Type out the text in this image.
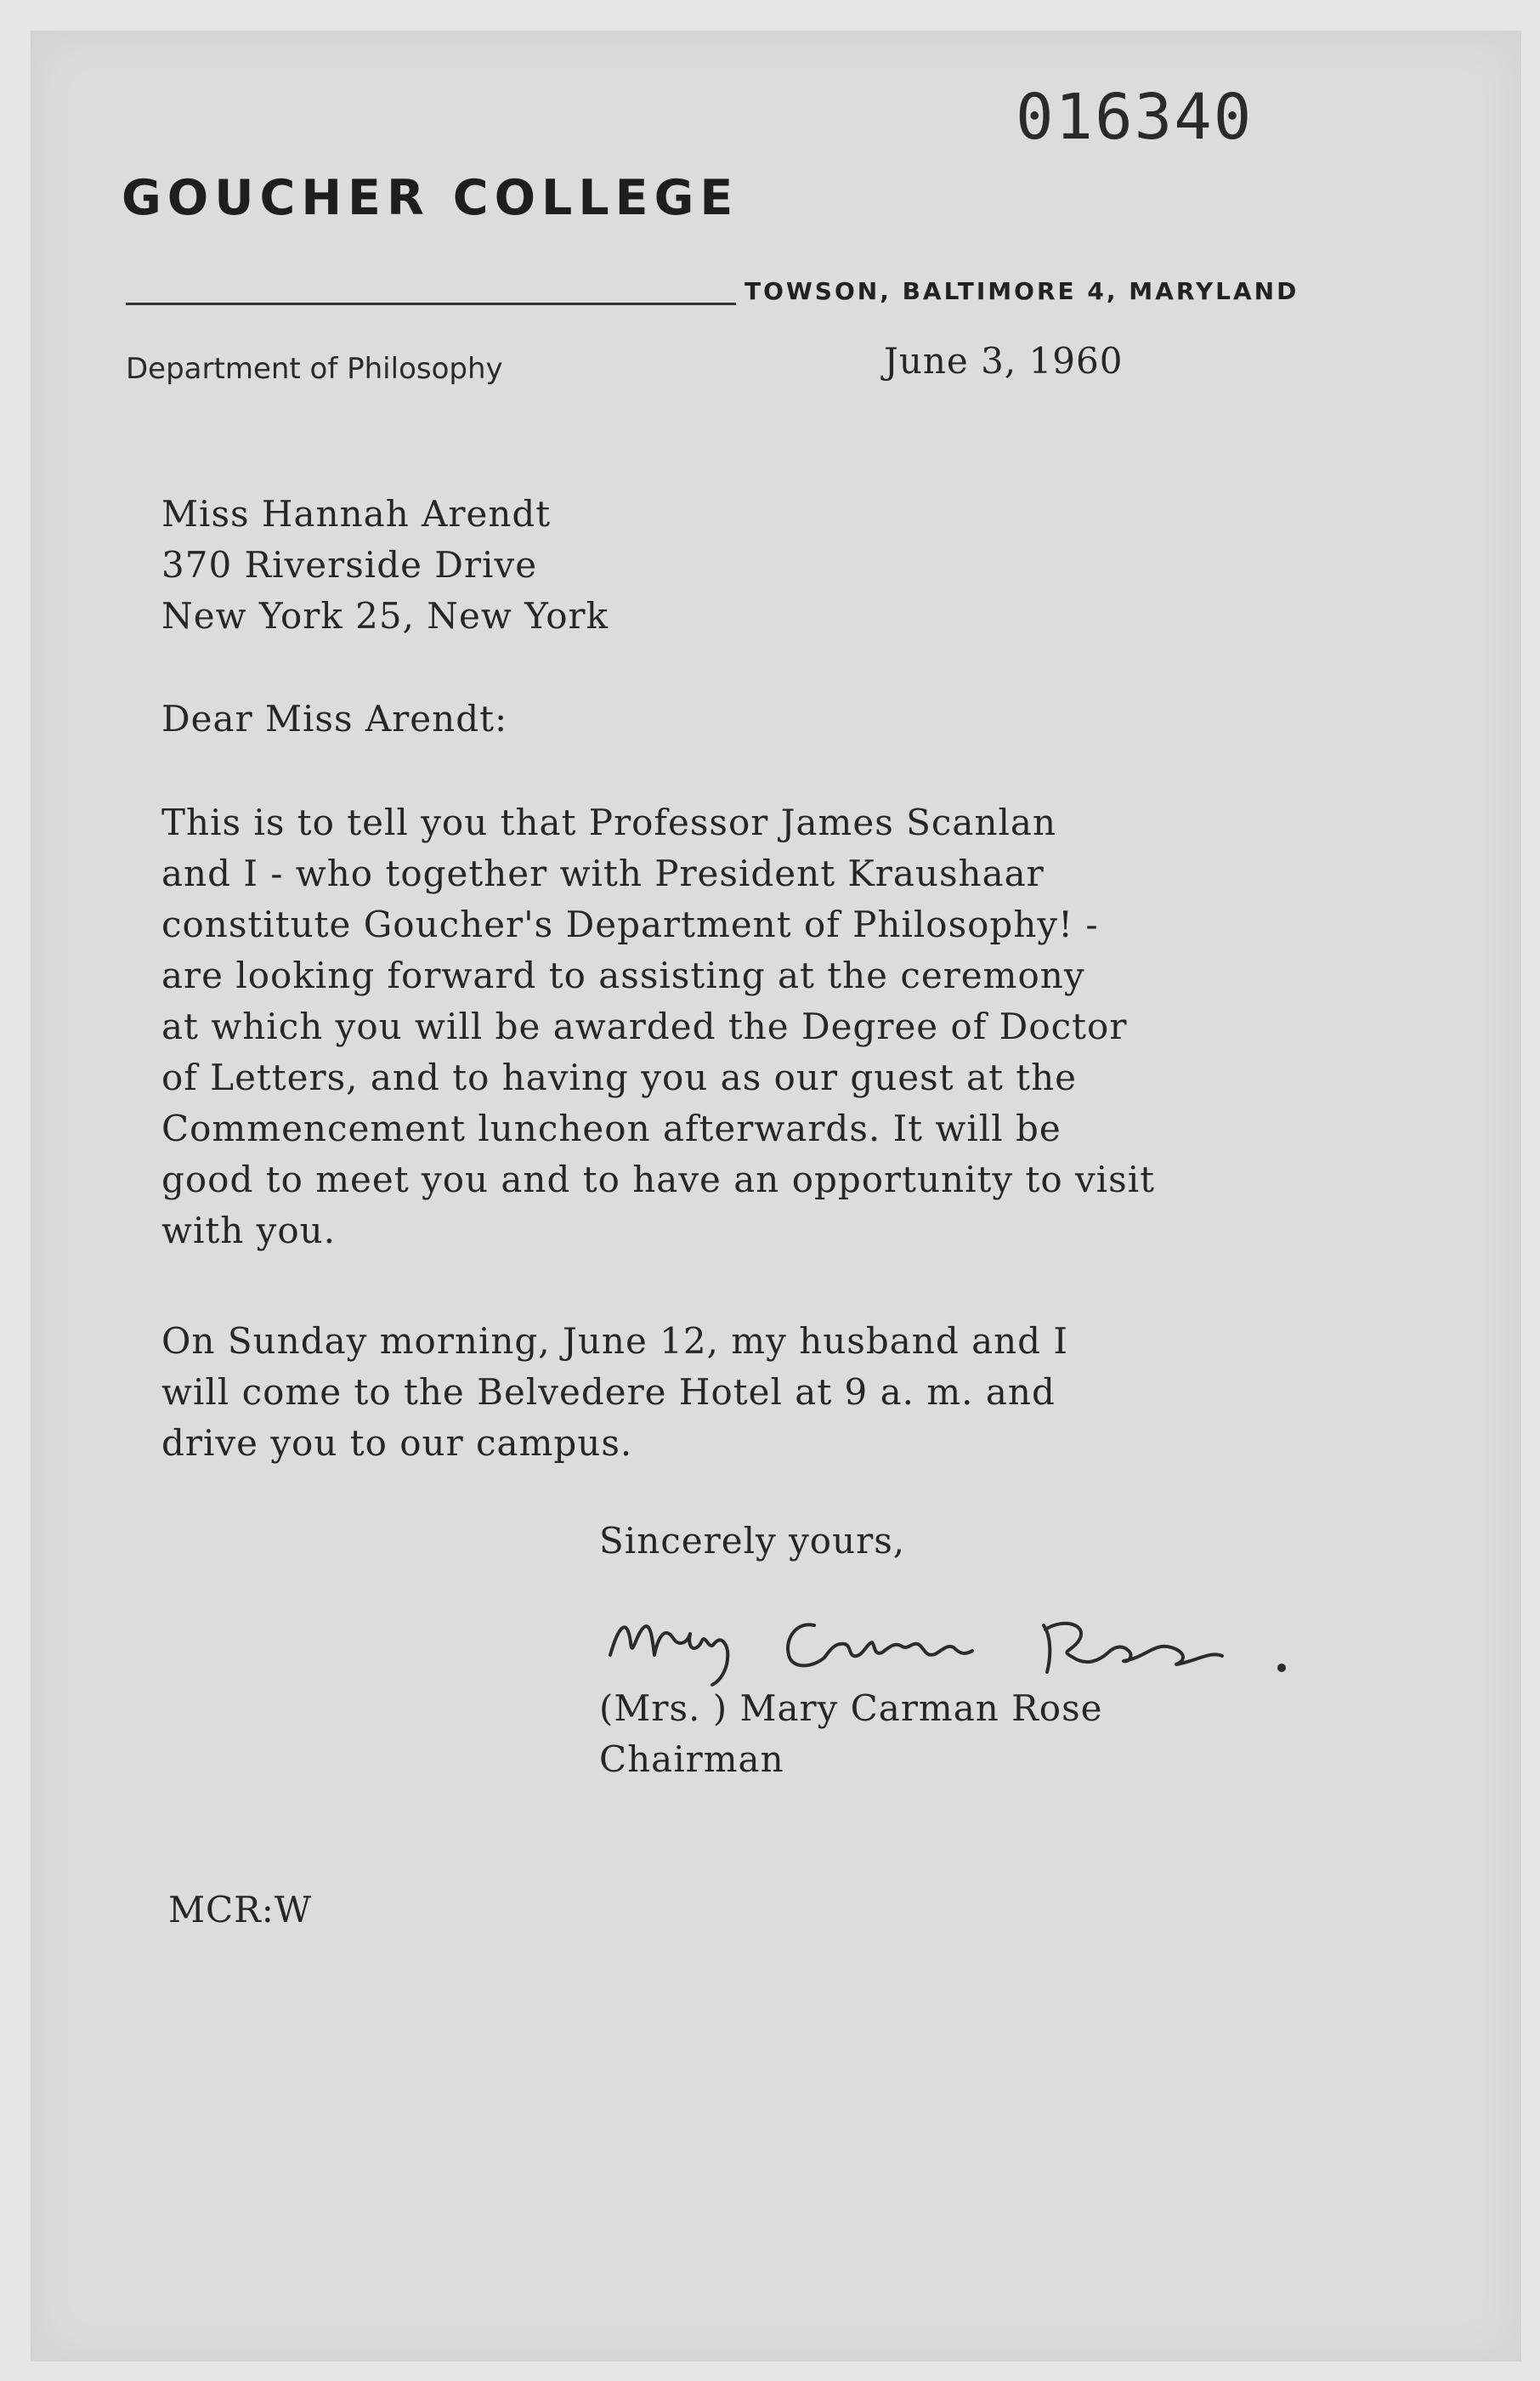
016340
GOUCHER COLLEGE
TOWSON, BALTIMORE 4, MARYLAND
Department of Philosophy	June 3, 1960
Miss Hannah Arendt
370 Riverside Drive
New York 25, New York
Dear Miss Arendt:
This is to tell you that Professor James Scanlan
and I - who together with President Kraushaar
constitute Goucher's Department of Philosophy! -
are looking forward to assisting at the ceremony
at which you will be awarded the Degree of Doctor
of Letters, and to having you as our guest at the
Commencement luncheon afterwards. It will be
good to meet you and to have an opportunity to visit
with you.
On Sunday morning, June 12, my husband and I
will come to the Belvedere Hotel at 9 a. m. and
drive you to our campus.
Sincerely yours,
(Mrs. ) Mary Carman Rose
Chairman
MCR:W
